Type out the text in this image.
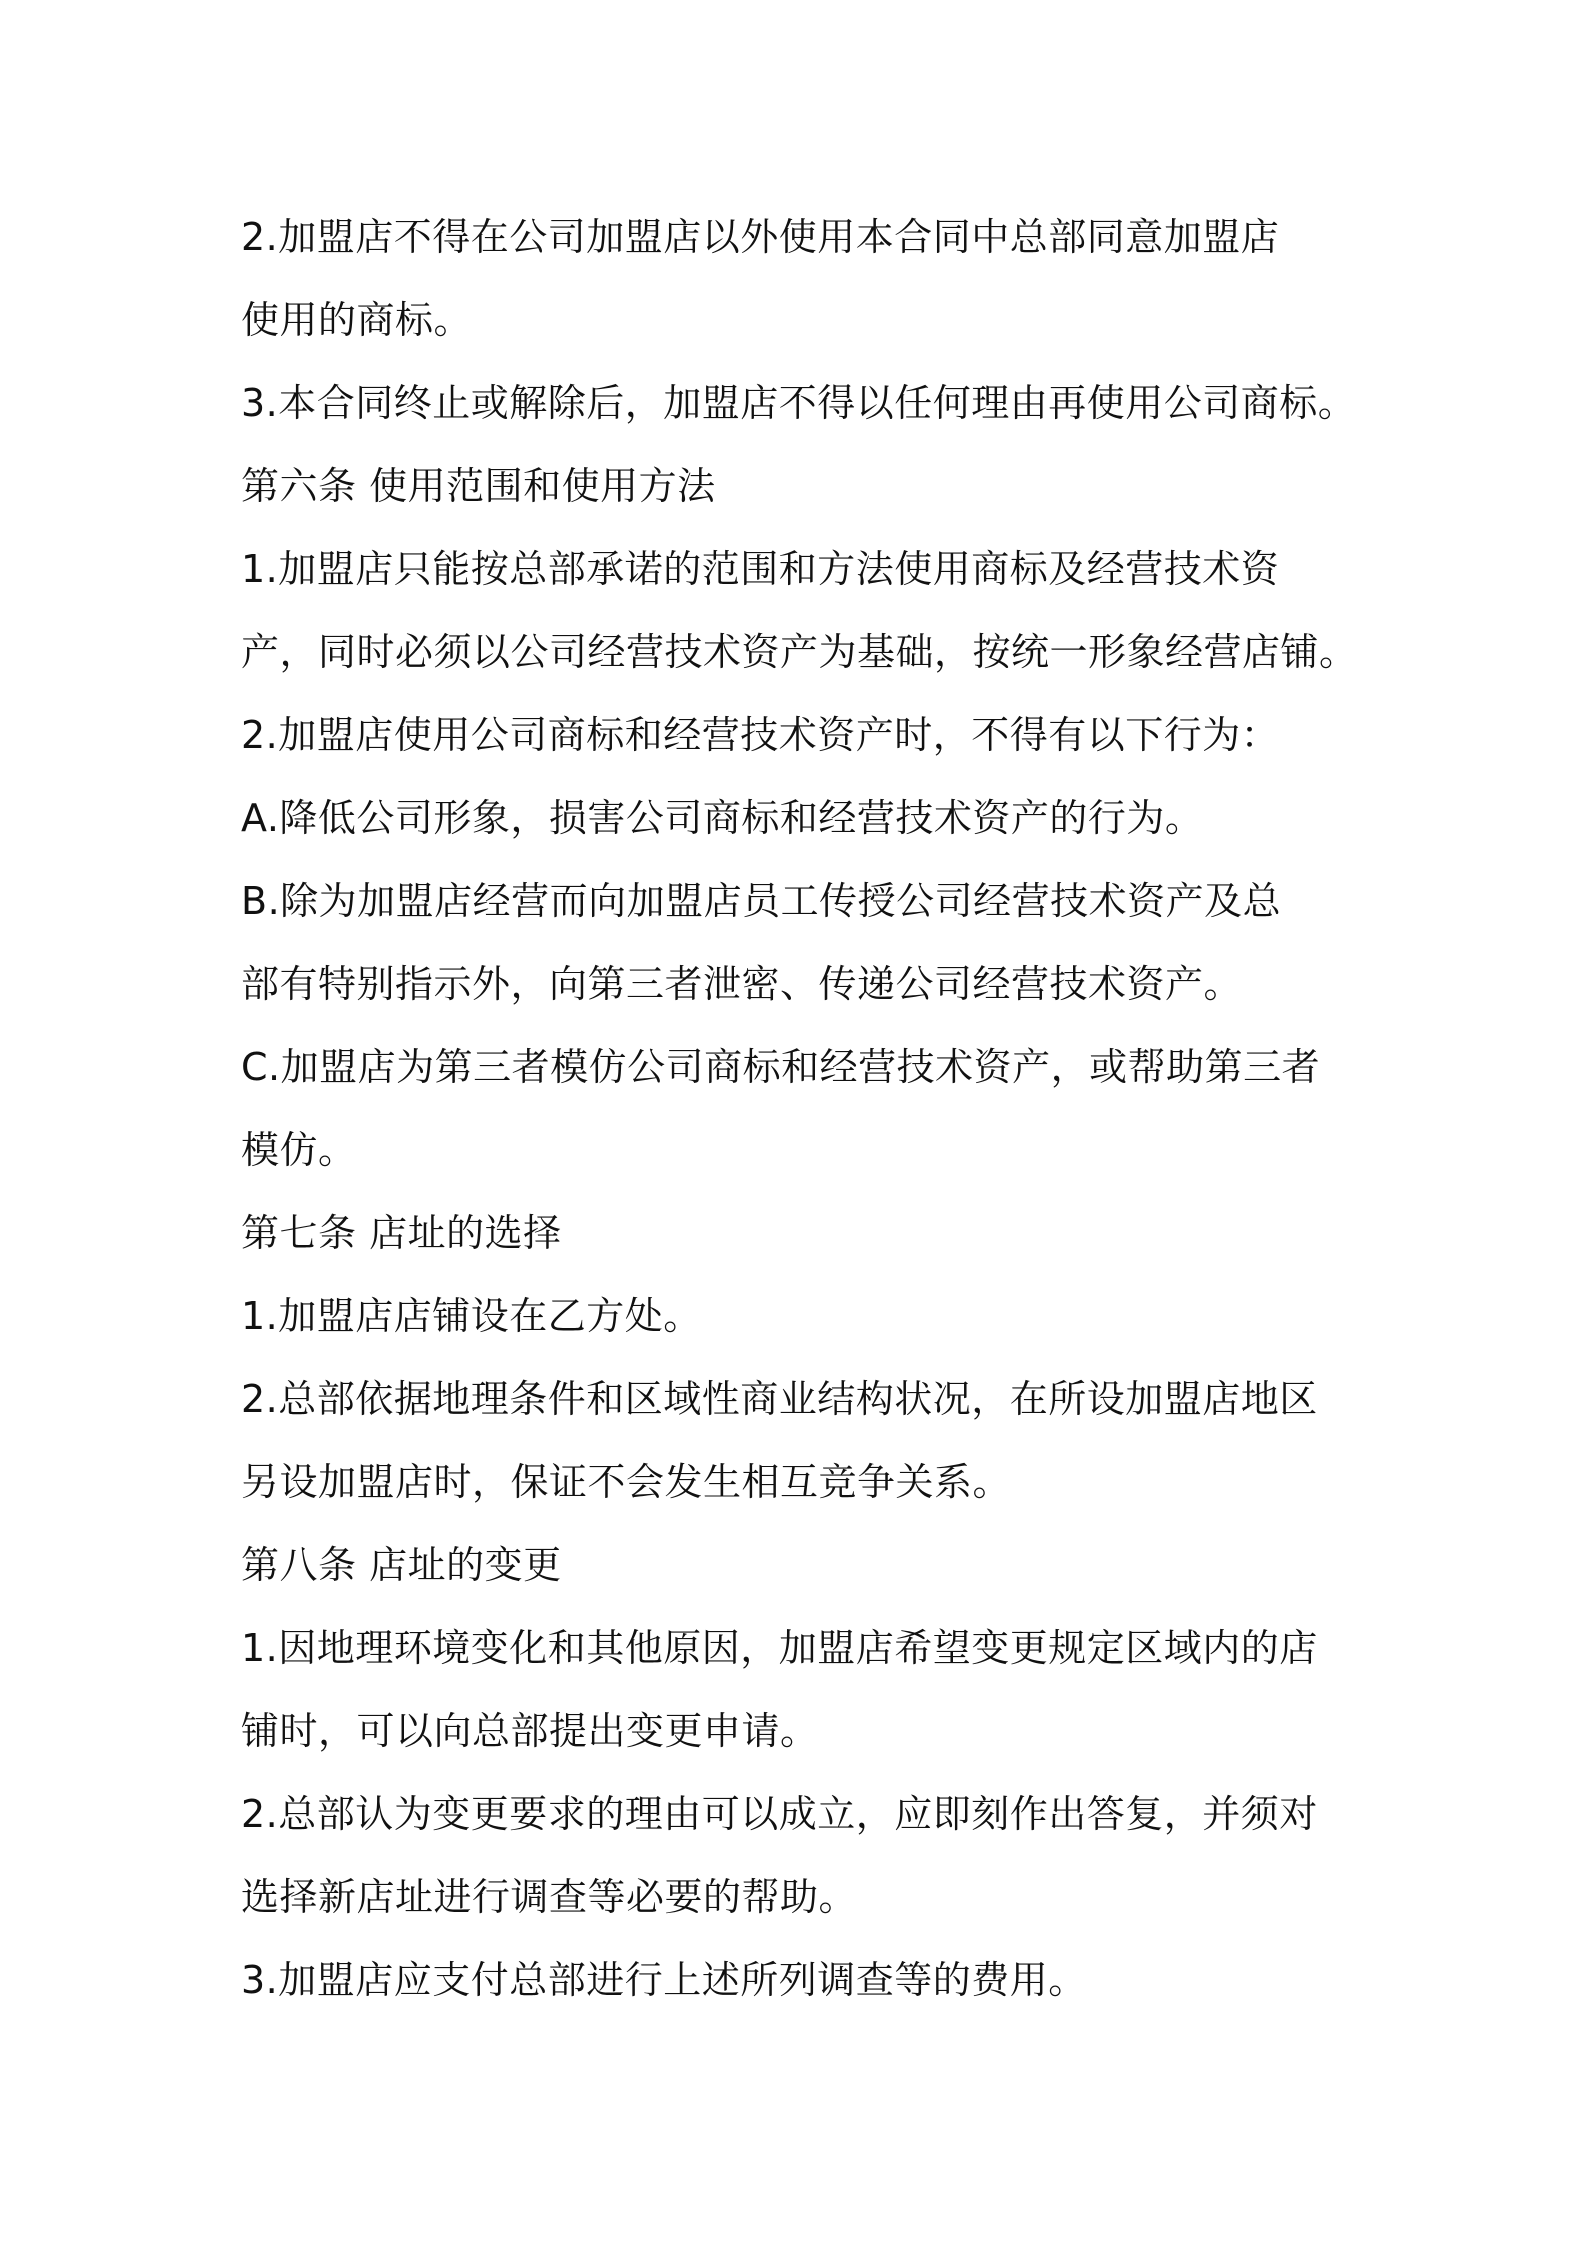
2.加盟店不得在公司加盟店以外使用本合同中总部同意加盟店
使用的商标。
3.本合同终止或解除后，加盟店不得以任何理由再使用公司商标。
第六条 使用范围和使用方法
1.加盟店只能按总部承诺的范围和方法使用商标及经营技术资
产，同时必须以公司经营技术资产为基础，按统一形象经营店铺。
2.加盟店使用公司商标和经营技术资产时，不得有以下行为：
A.降低公司形象，损害公司商标和经营技术资产的行为。
B.除为加盟店经营而向加盟店员工传授公司经营技术资产及总
部有特别指示外，向第三者泄密、传递公司经营技术资产。
C.加盟店为第三者模仿公司商标和经营技术资产，或帮助第三者
模仿。
第七条 店址的选择
1.加盟店店铺设在乙方处。
2.总部依据地理条件和区域性商业结构状况，在所设加盟店地区
另设加盟店时，保证不会发生相互竞争关系。
第八条 店址的变更
1.因地理环境变化和其他原因，加盟店希望变更规定区域内的店
铺时，可以向总部提出变更申请。
2.总部认为变更要求的理由可以成立，应即刻作出答复，并须对
选择新店址进行调查等必要的帮助。
3.加盟店应支付总部进行上述所列调查等的费用。
